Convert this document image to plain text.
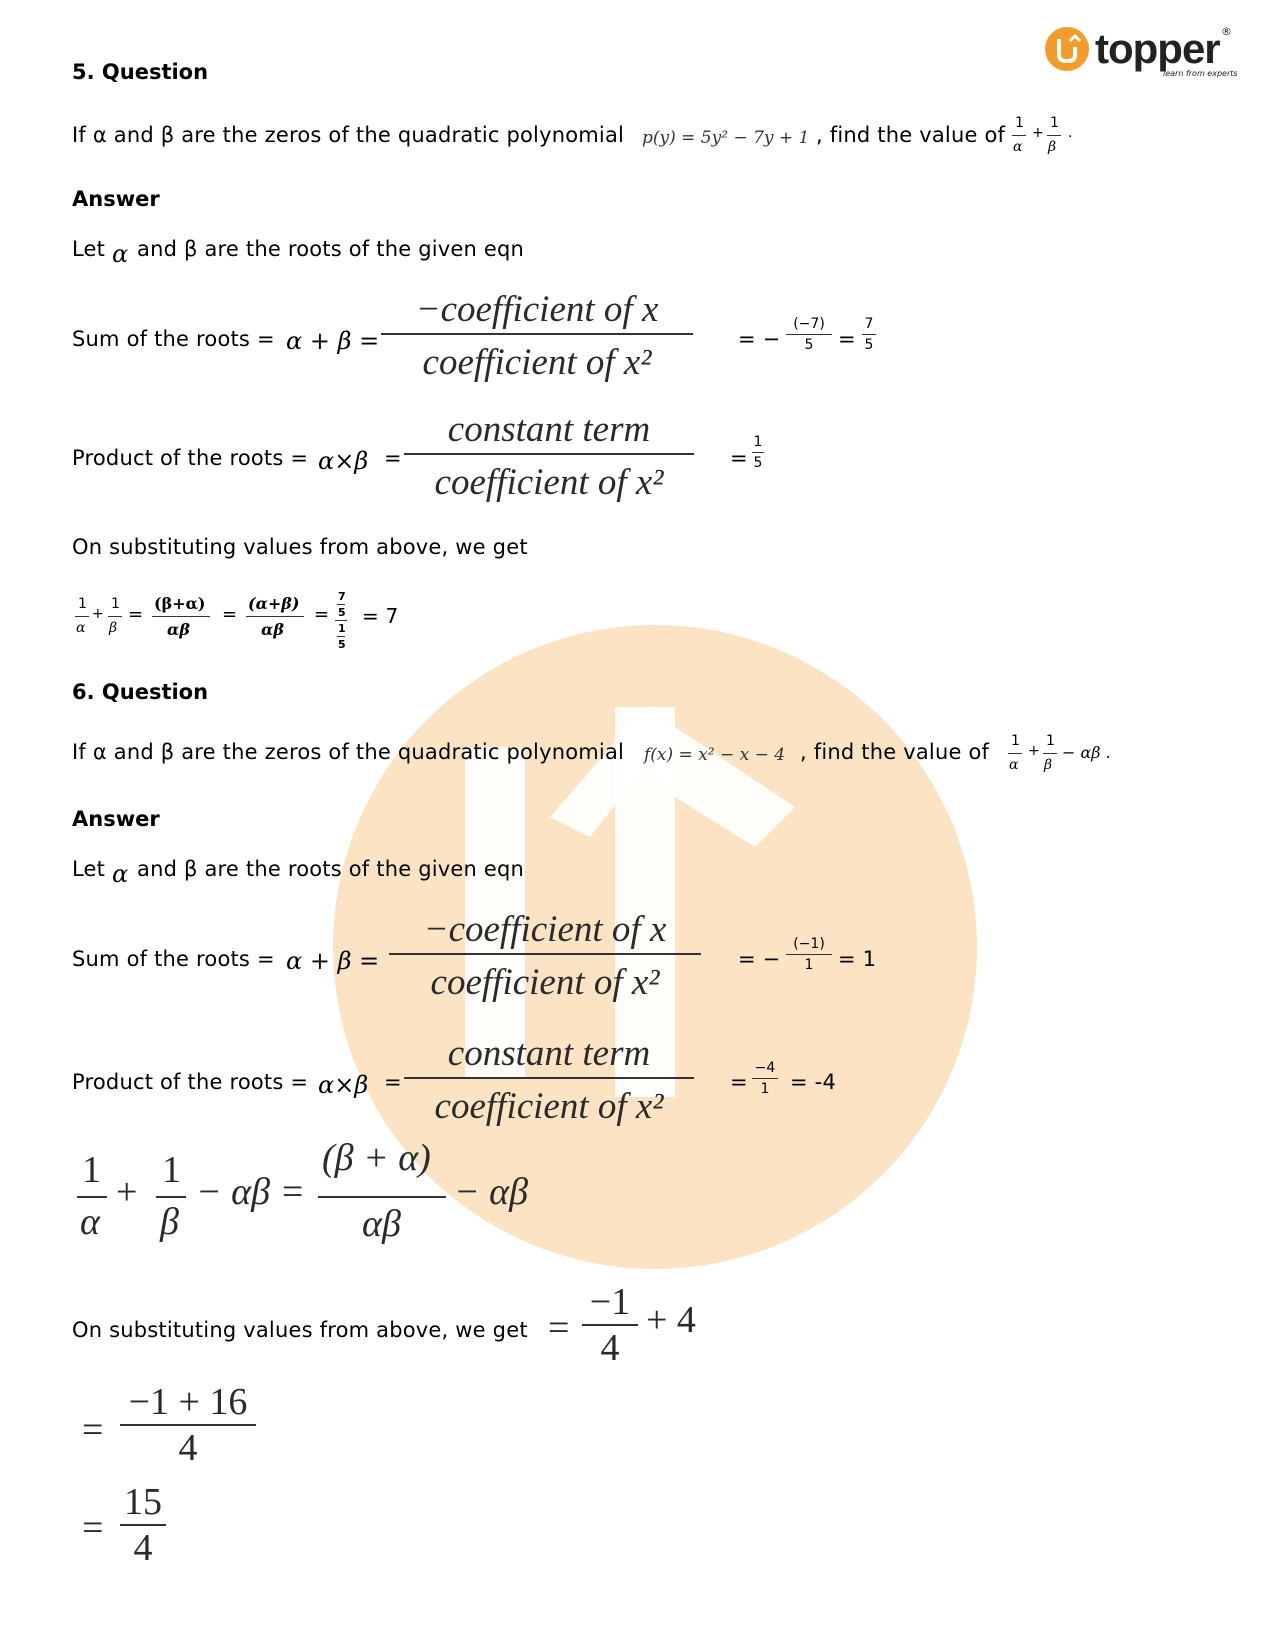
topper ®
learn from experts
5. Question
If α and β are the zeros of the quadratic polynomial p(y) = 5y² − 7y + 1 , find the value of 1
α
+
1
β
.
Answer
Let α and β are the roots of the given eqn
Sum of the roots = α + β =
−coefficient of x
coefficient of x²
= −
(−7)
5 =
7
5
Product of the roots = α×β =
constant term
coefficient of x²
=
1
5
On substituting values from above, we get
1
α
+
1
β
=
(β+α)
αβ
=
(α+β)
αβ
=
7
5
1
5
= 7
6. Question
If α and β are the zeros of the quadratic polynomial f(x) = x² − x − 4 , find the value of 1
α
+
1
β
− αβ .
Answer
Let α and β are the roots of the given eqn
Sum of the roots = α + β =
−coefficient of x
coefficient of x²
= −
(−1)
1 = 1
Product of the roots = α×β =
constant term
coefficient of x²
=
−4
1 = -4
1
α
+
1
β
− αβ =
(β + α)
αβ
− αβ
On substituting values from above, we get =
−1
4
+ 4
=
−1 + 16
4
=
15
4
